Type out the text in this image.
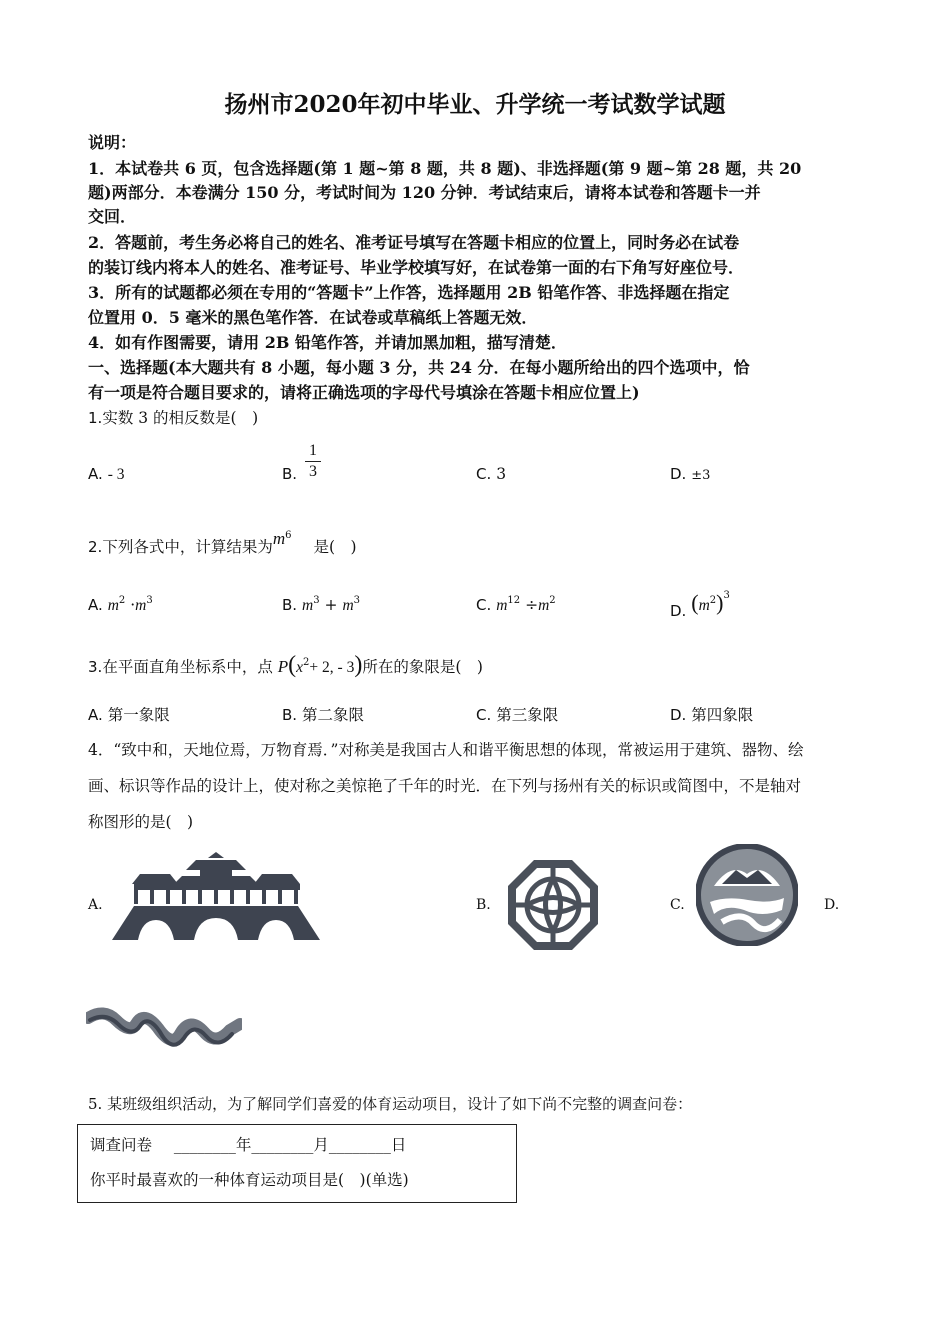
扬州市2020年初中毕业、升学统一考试数学试题
说明：
1．本试卷共 6 页，包含选择题(第 1 题~第 8 题，共 8 题)、非选择题(第 9 题~第 28 题，共 20
题)两部分．本卷满分 150 分，考试时间为 120 分钟．考试结束后，请将本试卷和答题卡一并
交回．
2．答题前，考生务必将自己的姓名、准考证号填写在答题卡相应的位置上，同时务必在试卷
的装订线内将本人的姓名、准考证号、毕业学校填写好，在试卷第一面的右下角写好座位号．
3．所有的试题都必须在专用的“答题卡”上作答，选择题用 2B 铅笔作答、非选择题在指定
位置用 0．5 毫米的黑色笔作答．在试卷或草稿纸上答题无效．
4．如有作图需要，请用 2B 铅笔作答，并请加黑加粗，描写清楚．
一、选择题(本大题共有 8 小题，每小题 3 分，共 24 分．在每小题所给出的四个选项中，恰
有一项是符合题目要求的，请将正确选项的字母代号填涂在答题卡相应位置上)
1.实数 3 的相反数是(　)
A. - 3	B.
1
3	C. 3	D. ±3
2.下列各式中，计算结果为$m^6$是(　)
A. $m^2 \cdot m^3$	B. $m^3 + m^3$	C. $m^{12} \div m^2$
D. $(m^2)^3$
3.在平面直角坐标系中，点 $P(x^2+ 2$, - 3)所在的象限是(　)
A. 第一象限	B. 第二象限	C. 第三象限	D. 第四象限
4．“致中和，天地位焉，万物育焉．”对称美是我国古人和谐平衡思想的体现，常被运用于建筑、器物、绘
画、标识等作品的设计上，使对称之美惊艳了千年的时光．在下列与扬州有关的标识或简图中，不是轴对
称图形的是(　)
A.	B.	C.	D.
5. 某班级组织活动，为了解同学们喜爱的体育运动项目，设计了如下尚不完整的调查问卷：
调查问卷 ________年________月________日
你平时最喜欢的一种体育运动项目是(　)(单选)
